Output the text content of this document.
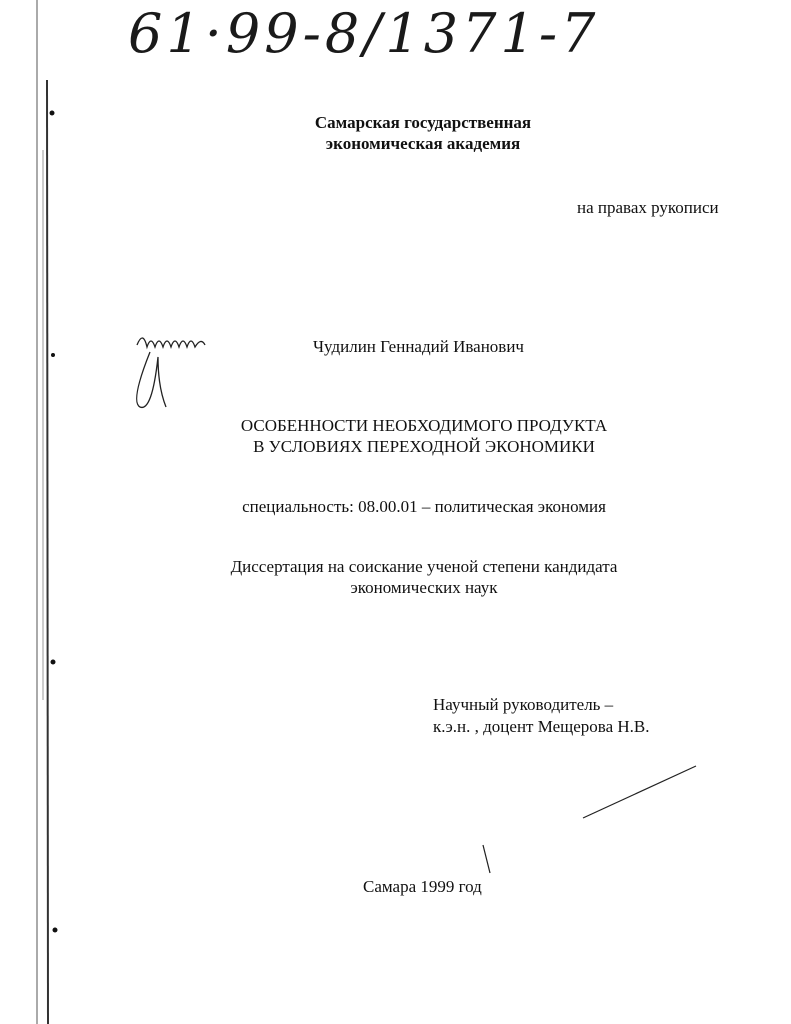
61·99-8/1371-7
Самарская государственная
экономическая академия
на правах рукописи
Чудилин Геннадий Иванович
ОСОБЕННОСТИ НЕОБХОДИМОГО ПРОДУКТА
В УСЛОВИЯХ ПЕРЕХОДНОЙ ЭКОНОМИКИ
специальность: 08.00.01 – политическая экономия
Диссертация на соискание ученой степени кандидата
экономических наук
Научный руководитель –
к.э.н. , доцент Мещерова Н.В.
Самара 1999 год
